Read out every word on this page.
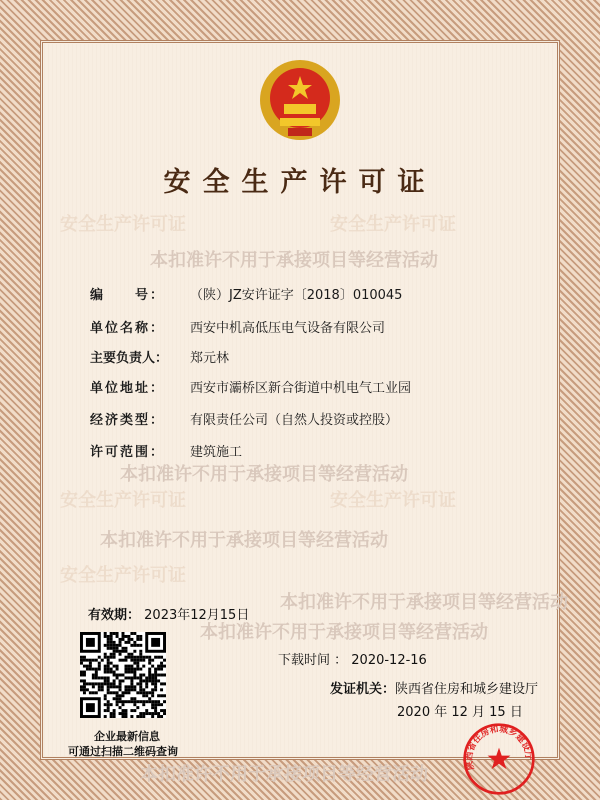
安全生产许可证	安全生产许可证
安全生产许可证	安全生产许可证
安全生产许可证
本扣准许不用于承接项目等经营活动
本扣准许不用于承接项目等经营活动
本扣准许不用于承接项目等经营活动
本扣准许不用于承接项目等经营活动
本扣准许不用于承接项目等经营活动
本扣准许不用于承接项目等经营活动	陕西省住房和城乡建设厅
安全生产许可证
编　　号：	（陕）JZ安许证字〔2018〕010045
单位名称：	西安中机高低压电气设备有限公司
主要负责人：	郑元林
单位地址：	西安市灞桥区新合街道中机电气工业园
经济类型：	有限责任公司（自然人投资或控股）
许可范围：	建筑施工
有效期： 2023年12月15日
企业最新信息
可通过扫描二维码查询
下载时间 ： 2020-12-16
发证机关：陕西省住房和城乡建设厅
2020 年 12 月 15 日
